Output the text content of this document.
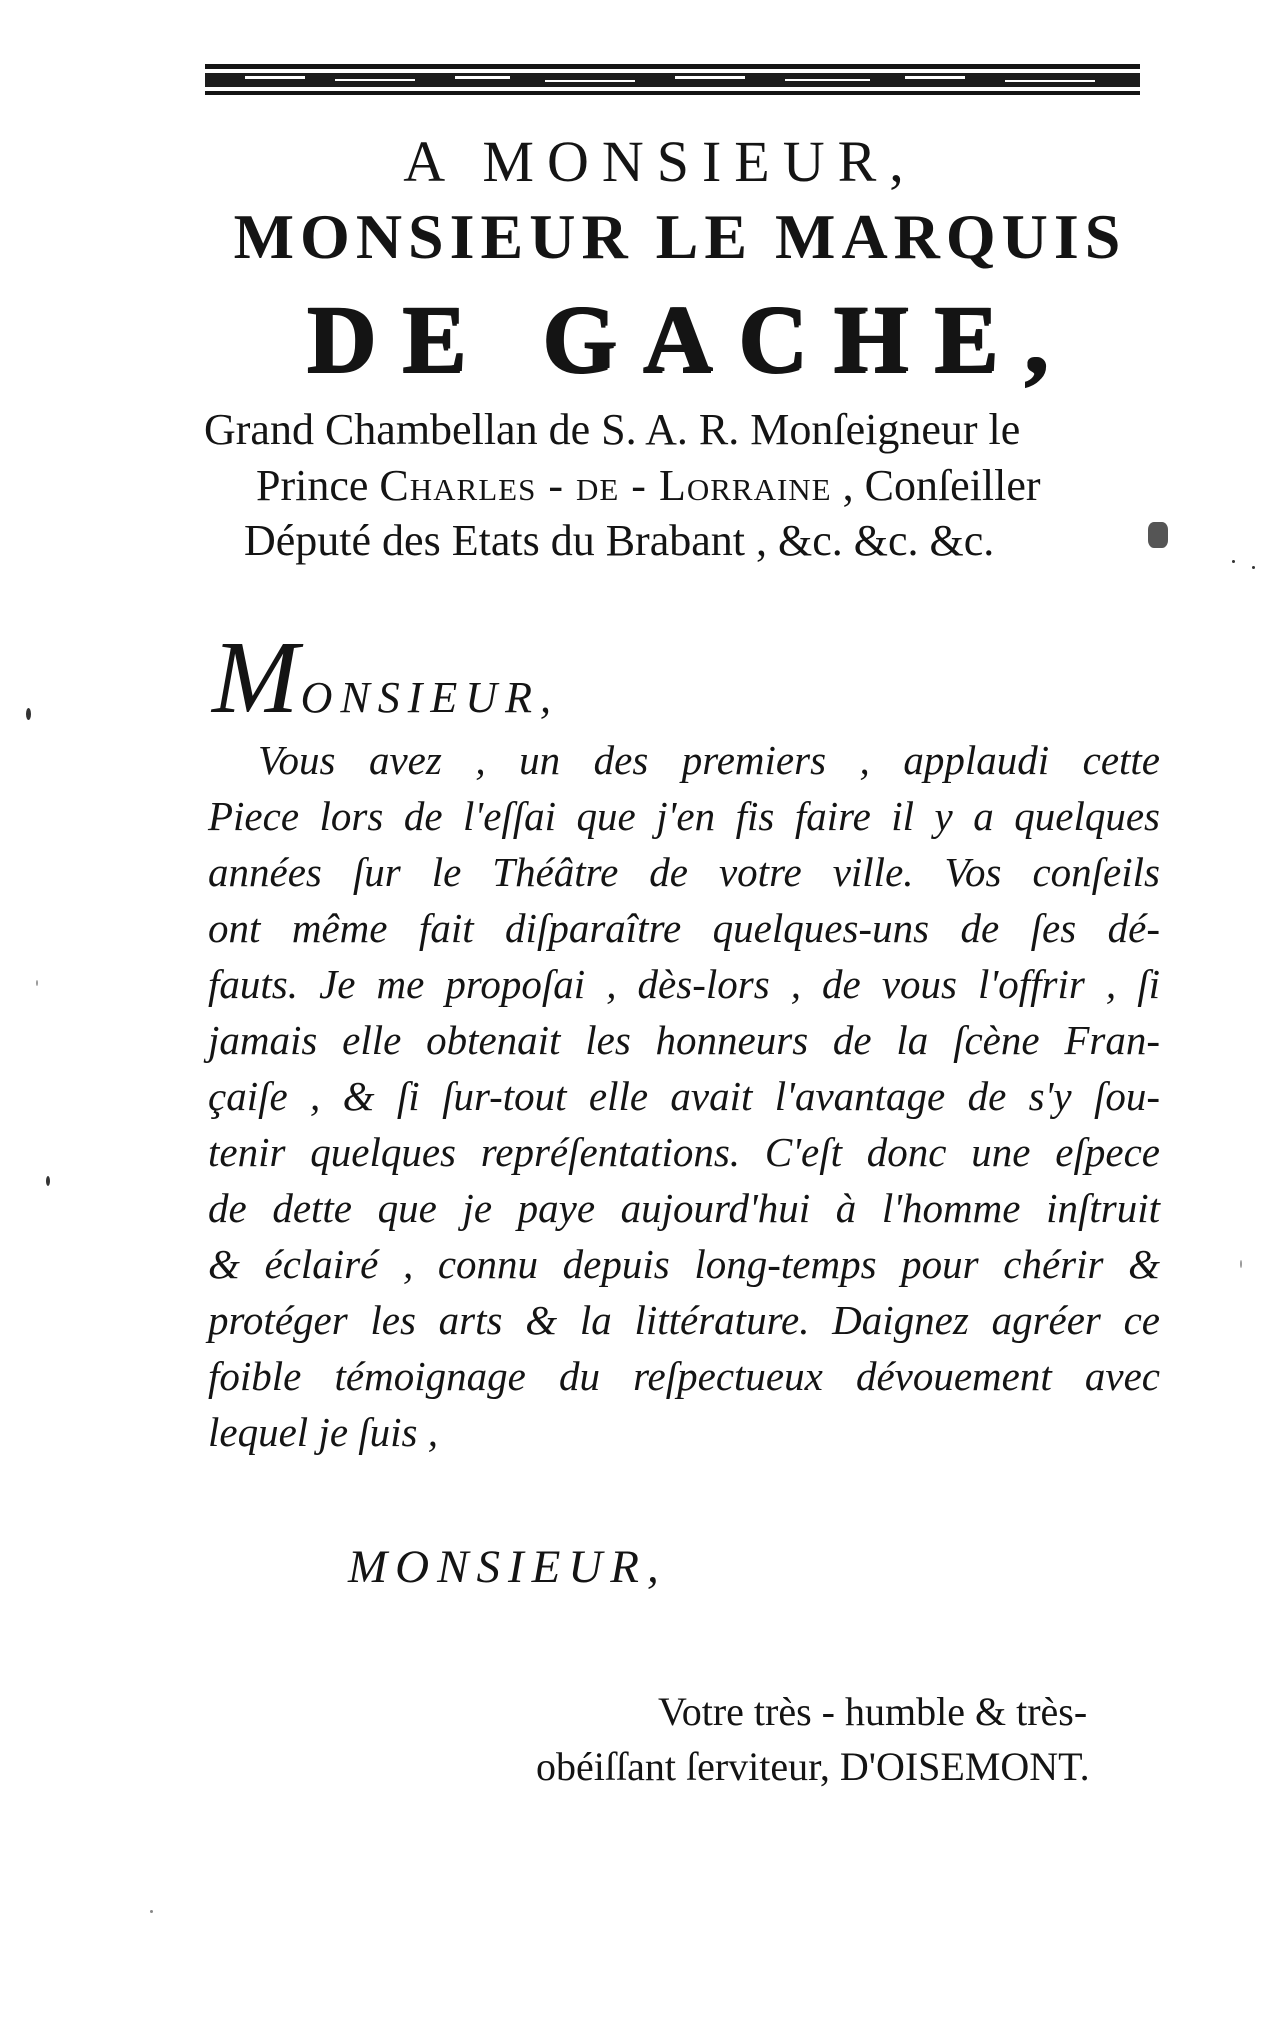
A MONSIEUR,
MONSIEUR LE MARQUIS
DE GACHE,
Grand Chambellan de S. A. R. Monſeigneur le
Prince Charles - de - Lorraine , Conſeiller
Député des Etats du Brabant , &c. &c. &c.
MONSIEUR,
Vous avez , un des premiers , applaudi cette
Piece lors de l'eſſai que j'en fis faire il y a quelques
années ſur le Théâtre de votre ville. Vos conſeils
ont même fait diſparaître quelques-uns de ſes dé-
fauts. Je me propoſai , dès-lors , de vous l'offrir , ſi
jamais elle obtenait les honneurs de la ſcène Fran-
çaiſe , & ſi ſur-tout elle avait l'avantage de s'y ſou-
tenir quelques repréſentations. C'eſt donc une eſpece
de dette que je paye aujourd'hui à l'homme inſtruit
& éclairé , connu depuis long-temps pour chérir &
protéger les arts & la littérature. Daignez agréer ce
foible témoignage du reſpectueux dévouement avec
lequel je ſuis ,
MONSIEUR,
Votre très - humble & très-
obéiſſant ſerviteur, D'OISEMONT.
